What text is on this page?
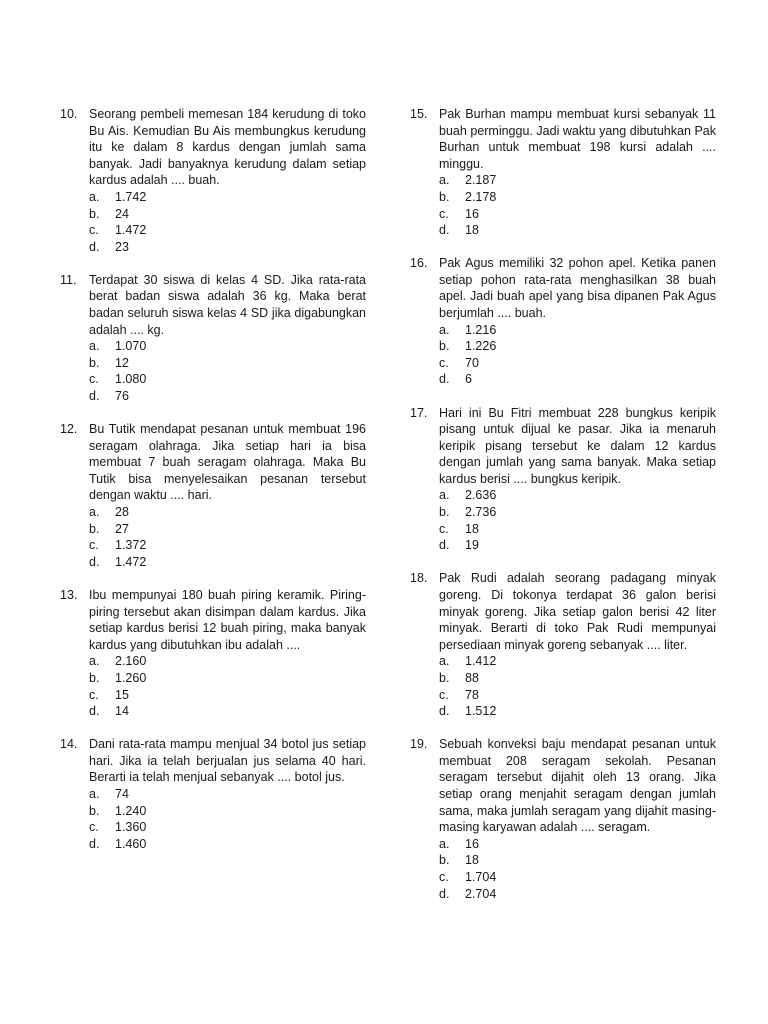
10. Seorang pembeli memesan 184 kerudung di toko Bu Ais. Kemudian Bu Ais membungkus kerudung itu ke dalam 8 kardus dengan jumlah sama banyak. Jadi banyaknya kerudung dalam setiap kardus adalah .... buah.
a. 1.742
b. 24
c. 1.472
d. 23
11. Terdapat 30 siswa di kelas 4 SD. Jika rata-rata berat badan siswa adalah 36 kg. Maka berat badan seluruh siswa kelas 4 SD jika digabungkan adalah .... kg.
a. 1.070
b. 12
c. 1.080
d. 76
12. Bu Tutik mendapat pesanan untuk membuat 196 seragam olahraga. Jika setiap hari ia bisa membuat 7 buah seragam olahraga. Maka Bu Tutik bisa menyelesaikan pesanan tersebut dengan waktu .... hari.
a. 28
b. 27
c. 1.372
d. 1.472
13. Ibu mempunyai 180 buah piring keramik. Piring-piring tersebut akan disimpan dalam kardus. Jika setiap kardus berisi 12 buah piring, maka banyak kardus yang dibutuhkan ibu adalah ....
a. 2.160
b. 1.260
c. 15
d. 14
14. Dani rata-rata mampu menjual 34 botol jus setiap hari. Jika ia telah berjualan jus selama 40 hari. Berarti ia telah menjual sebanyak .... botol jus.
a. 74
b. 1.240
c. 1.360
d. 1.460
15. Pak Burhan mampu membuat kursi sebanyak 11 buah perminggu. Jadi waktu yang dibutuhkan Pak Burhan untuk membuat 198 kursi adalah .... minggu.
a. 2.187
b. 2.178
c. 16
d. 18
16. Pak Agus memiliki 32 pohon apel. Ketika panen setiap pohon rata-rata menghasilkan 38 buah apel. Jadi buah apel yang bisa dipanen Pak Agus berjumlah .... buah.
a. 1.216
b. 1.226
c. 70
d. 6
17. Hari ini Bu Fitri membuat 228 bungkus keripik pisang untuk dijual ke pasar. Jika ia menaruh keripik pisang tersebut ke dalam 12 kardus dengan jumlah yang sama banyak. Maka setiap kardus berisi .... bungkus keripik.
a. 2.636
b. 2.736
c. 18
d. 19
18. Pak Rudi adalah seorang padagang minyak goreng. Di tokonya terdapat 36 galon berisi minyak goreng. Jika setiap galon berisi 42 liter minyak. Berarti di toko Pak Rudi mempunyai persediaan minyak goreng sebanyak .... liter.
a. 1.412
b. 88
c. 78
d. 1.512
19. Sebuah konveksi baju mendapat pesanan untuk membuat 208 seragam sekolah. Pesanan seragam tersebut dijahit oleh 13 orang. Jika setiap orang menjahit seragam dengan jumlah sama, maka jumlah seragam yang dijahit masing-masing karyawan adalah .... seragam.
a. 16
b. 18
c. 1.704
d. 2.704
